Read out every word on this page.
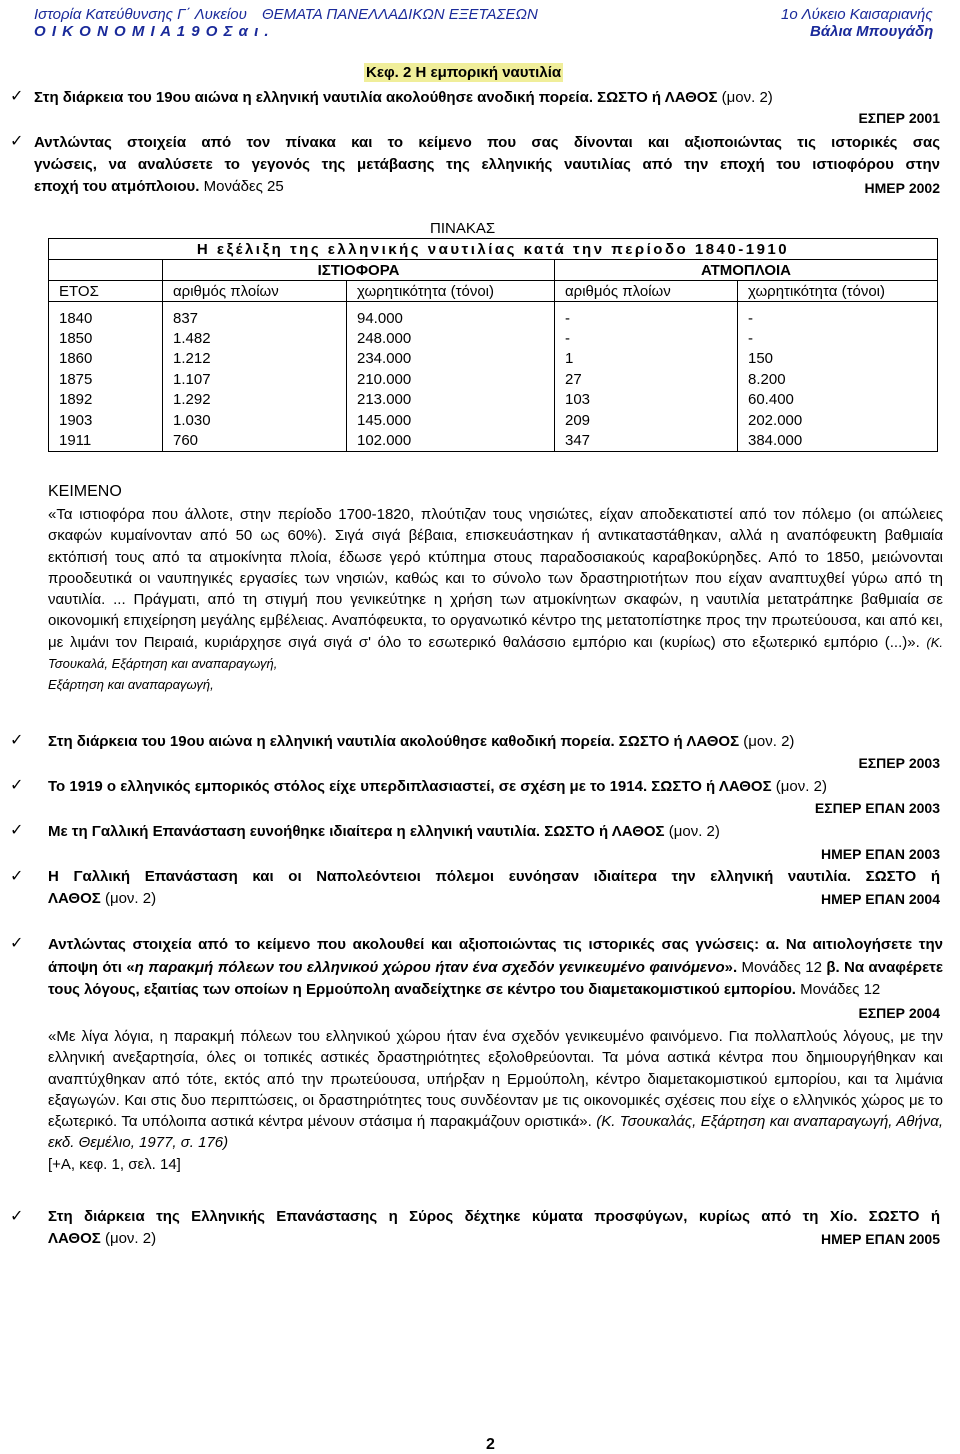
Ιστορία Κατεύθυνσης Γ΄ Λυκείου ΘΕΜΑΤΑ ΠΑΝΕΛΛΑΔΙΚΩΝ ΕΞΕΤΑΣΕΩΝ	1ο Λύκειο Καισαριανής
Ο Ι Κ Ο Ν Ο Μ Ι Α 1 9 Ο Σ α ι .	Βάλια Μπουγάδη
Κεφ. 2 Η εμπορική ναυτιλία
✓ Στη διάρκεια του 19ου αιώνα η ελληνική ναυτιλία ακολούθησε ανοδική πορεία. ΣΩΣΤΟ ή ΛΑΘΟΣ (μον. 2)
ΕΣΠΕΡ 2001
✓ Αντλώντας στοιχεία από τον πίνακα και το κείμενο που σας δίνονται και αξιοποιώντας τις ιστορικές σας
γνώσεις, να αναλύσετε το γεγονός της μετάβασης της ελληνικής ναυτιλίας από την εποχή του ιστιοφόρου στην
εποχή του ατμόπλοιου. Μονάδες 25	ΗΜΕΡ 2002
ΠΙΝΑΚΑΣ
Η εξέλιξη της ελληνικής ναυτιλίας κατά την περίοδο 1840-1910				
	ΙΣΤΙΟΦΟΡΑ		ΑΤΜΟΠΛΟΙΑ	
ΕΤΟΣ	αριθμός πλοίων	χωρητικότητα (τόνοι)	αριθμός πλοίων	χωρητικότητα (τόνοι)

1840	837	94.000	-	-
1850	1.482	248.000	-	-
1860	1.212	234.000	1	150
1875	1.107	210.000	27	8.200
1892	1.292	213.000	103	60.400
1903	1.030	145.000	209	202.000
1911	760	102.000	347	384.000
ΚΕΙΜΕΝΟ
«Τα ιστιοφόρα που άλλοτε, στην περίοδο 1700-1820, πλούτιζαν τους νησιώτες, είχαν αποδεκατιστεί από τον πόλεμο (οι απώλειες σκαφών κυμαίνονταν από 50 ως 60%). Σιγά σιγά βέβαια, επισκευάστηκαν ή αντικαταστάθηκαν, αλλά η αναπόφευκτη βαθμιαία εκτόπισή τους από τα ατμοκίνητα πλοία, έδωσε γερό κτύπημα στους παραδοσιακούς καραβοκύρηδες. Από το 1850, μειώνονται προοδευτικά οι ναυπηγικές εργασίες των νησιών, καθώς και το σύνολο των δραστηριοτήτων που είχαν αναπτυχθεί γύρω από τη ναυτιλία. ... Πράγματι, από τη στιγμή που γενικεύτηκε η χρήση των ατμοκίνητων σκαφών, η ναυτιλία μετατράπηκε βαθμιαία σε οικονομική επιχείρηση μεγάλης εμβέλειας. Αναπόφευκτα, το οργανωτικό κέντρο της μετατοπίστηκε προς την πρωτεύουσα, και από κει, με λιμάνι τον Πειραιά, κυριάρχησε σιγά σιγά σ' όλο το εσωτερικό θαλάσσιο εμπόριο και (κυρίως) στο εξωτερικό εμπόριο (...)». (Κ. Τσουκαλά, Εξάρτηση και αναπαραγωγή,
Εξάρτηση και αναπαραγωγή,
✓ Στη διάρκεια του 19ου αιώνα η ελληνική ναυτιλία ακολούθησε καθοδική πορεία. ΣΩΣΤΟ ή ΛΑΘΟΣ (μον. 2)
ΕΣΠΕΡ 2003
✓ Το 1919 ο ελληνικός εμπορικός στόλος είχε υπερδιπλασιαστεί, σε σχέση με το 1914. ΣΩΣΤΟ ή ΛΑΘΟΣ (μον. 2)
ΕΣΠΕΡ ΕΠΑΝ 2003
✓ Με τη Γαλλική Επανάσταση ευνοήθηκε ιδιαίτερα η ελληνική ναυτιλία. ΣΩΣΤΟ ή ΛΑΘΟΣ (μον. 2)
ΗΜΕΡ ΕΠΑΝ 2003
✓ Η Γαλλική Επανάσταση και οι Ναπολεόντειοι πόλεμοι ευνόησαν ιδιαίτερα την ελληνική ναυτιλία. ΣΩΣΤΟ ή
ΛΑΘΟΣ (μον. 2)	ΗΜΕΡ ΕΠΑΝ 2004
✓ Αντλώντας στοιχεία από το κείμενο που ακολουθεί και αξιοποιώντας τις ιστορικές σας γνώσεις: α. Να αιτιολογήσετε την άποψη ότι «η παρακμή πόλεων του ελληνικού χώρου ήταν ένα σχεδόν γενικευμένο φαινόμενο». Μονάδες 12 β. Να αναφέρετε τους λόγους, εξαιτίας των οποίων η Ερμούπολη αναδείχτηκε σε κέντρο του διαμετακομιστικού εμπορίου. Μονάδες 12
ΕΣΠΕΡ 2004
«Με λίγα λόγια, η παρακμή πόλεων του ελληνικού χώρου ήταν ένα σχεδόν γενικευμένο φαινόμενο. Για πολλαπλούς λόγους, με την ελληνική ανεξαρτησία, όλες οι τοπικές αστικές δραστηριότητες εξολοθρεύονται. Τα μόνα αστικά κέντρα που δημιουργήθηκαν και αναπτύχθηκαν από τότε, εκτός από την πρωτεύουσα, υπήρξαν η Ερμούπολη, κέντρο διαμετακομιστικού εμπορίου, και τα λιμάνια εξαγωγών. Και στις δυο περιπτώσεις, οι δραστηριότητες τους συνδέονταν με τις οικονομικές σχέσεις που είχε ο ελληνικός χώρος με το εξωτερικό. Τα υπόλοιπα αστικά κέντρα μένουν στάσιμα ή παρακμάζουν οριστικά». (Κ. Τσουκαλάς, Εξάρτηση και αναπαραγωγή, Αθήνα, εκδ. Θεμέλιο, 1977, σ. 176)
[+Α, κεφ. 1, σελ. 14]
✓ Στη διάρκεια της Ελληνικής Επανάστασης η Σύρος δέχτηκε κύματα προσφύγων, κυρίως από τη Χίο. ΣΩΣΤΟ ή
ΛΑΘΟΣ (μον. 2)	ΗΜΕΡ ΕΠΑΝ 2005
2
